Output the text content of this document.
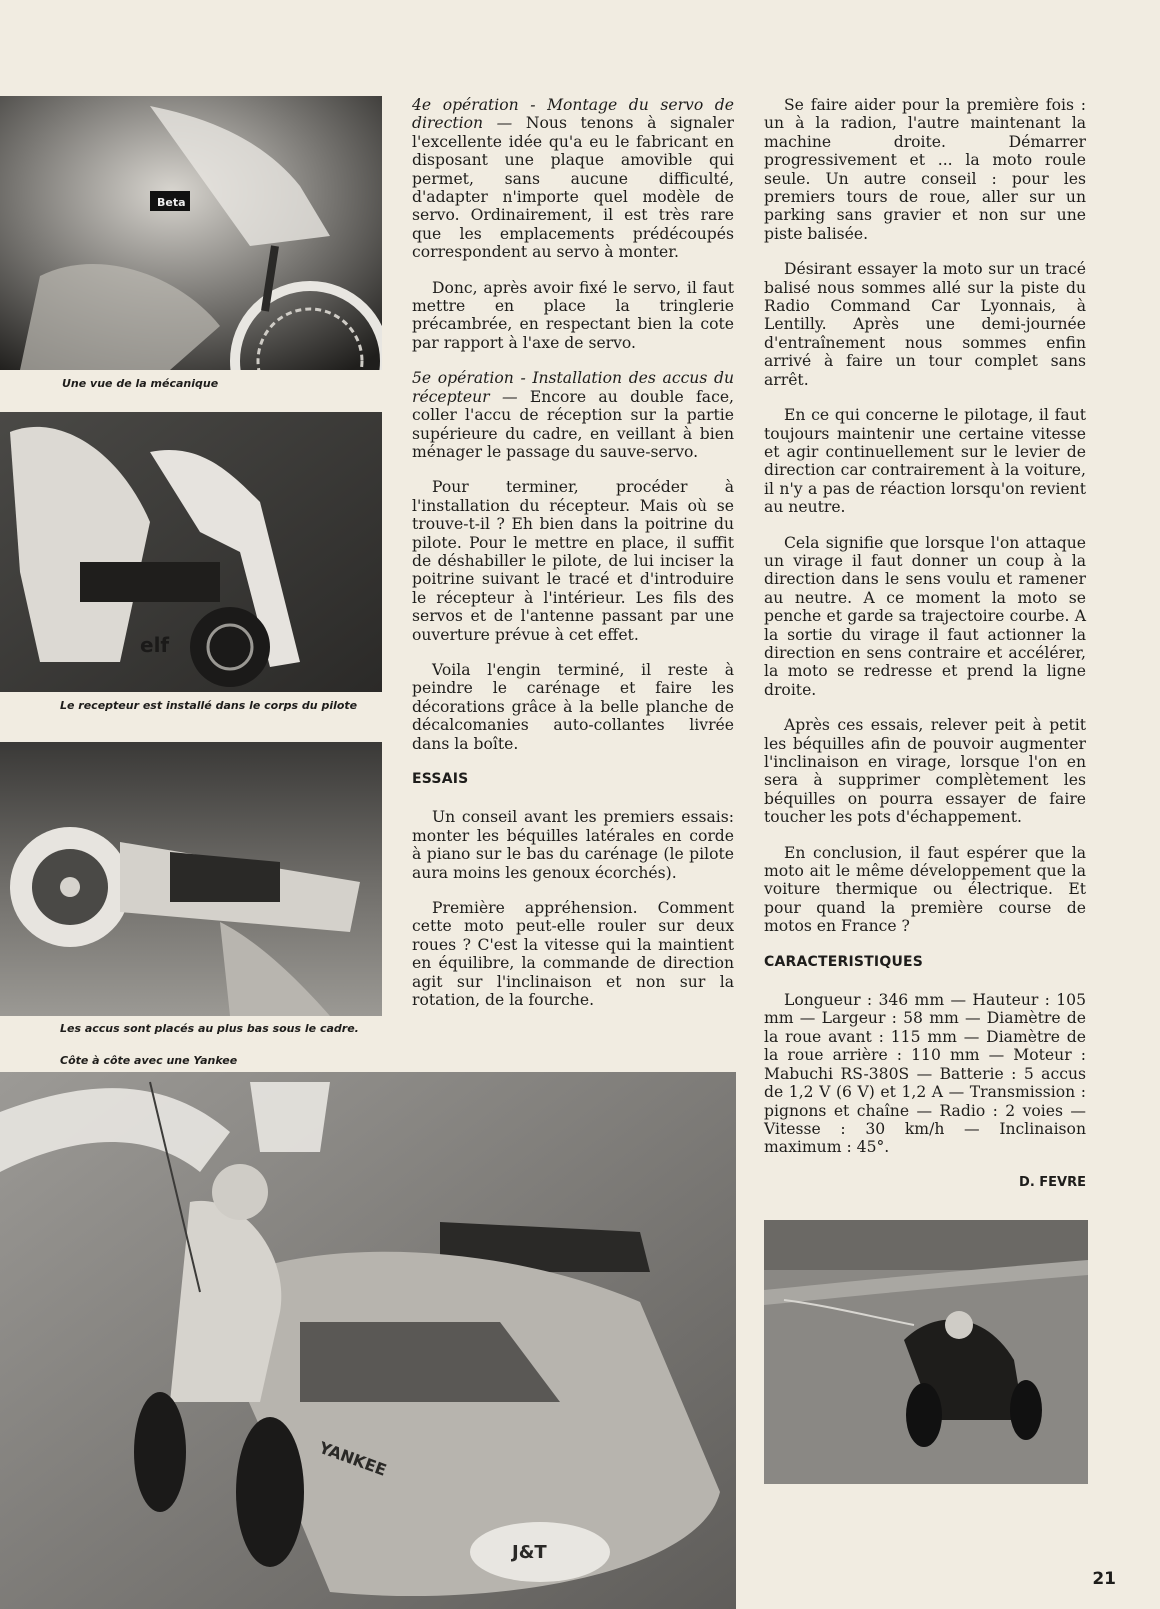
Beta
Une vue de la mécanique
elf
Le recepteur est installé dans le corps du pilote
Les accus sont placés au plus bas sous le cadre.
Côte à côte avec une Yankee
J&T
YANKEE

4e opération - Montage du servo de direction — Nous tenons à signaler l'excellente idée qu'a eu le fabricant en disposant une plaque amovible qui permet, sans aucune difficulté, d'adapter n'importe quel modèle de servo. Ordinairement, il est très rare que les emplacements prédécoupés correspondent au servo à monter.

Donc, après avoir fixé le servo, il faut mettre en place la tringlerie précambrée, en respectant bien la cote par rapport à l'axe de servo.

5e opération - Installation des accus du récepteur — Encore au double face, coller l'accu de réception sur la partie supérieure du cadre, en veillant à bien ménager le passage du sauve-servo.

Pour terminer, procéder à l'installation du récepteur. Mais où se trouve-t-il ? Eh bien dans la poitrine du pilote. Pour le mettre en place, il suffit de déshabiller le pilote, de lui inciser la poitrine suivant le tracé et d'introduire le récepteur à l'intérieur. Les fils des servos et de l'antenne passant par une ouverture prévue à cet effet.

Voila l'engin terminé, il reste à peindre le carénage et faire les décorations grâce à la belle planche de décalcomanies auto-collantes livrée dans la boîte.

ESSAIS

Un conseil avant les premiers essais: monter les béquilles latérales en corde à piano sur le bas du carénage (le pilote aura moins les genoux écorchés).

Première appréhension. Comment cette moto peut-elle rouler sur deux roues ? C'est la vitesse qui la maintient en équilibre, la commande de direction agit sur l'inclinaison et non sur la rotation, de la fourche.

Se faire aider pour la première fois : un à la radion, l'autre maintenant la machine droite. Démarrer progressivement et ... la moto roule seule. Un autre conseil : pour les premiers tours de roue, aller sur un parking sans gravier et non sur une piste balisée.

Désirant essayer la moto sur un tracé balisé nous sommes allé sur la piste du Radio Command Car Lyonnais, à Lentilly. Après une demi-journée d'entraînement nous sommes enfin arrivé à faire un tour complet sans arrêt.

En ce qui concerne le pilotage, il faut toujours maintenir une certaine vitesse et agir continuellement sur le levier de direction car contrairement à la voiture, il n'y a pas de réaction lorsqu'on revient au neutre.

Cela signifie que lorsque l'on attaque un virage il faut donner un coup à la direction dans le sens voulu et ramener au neutre. A ce moment la moto se penche et garde sa trajectoire courbe. A la sortie du virage il faut actionner la direction en sens contraire et accélérer, la moto se redresse et prend la ligne droite.

Après ces essais, relever peit à petit les béquilles afin de pouvoir augmenter l'inclinaison en virage, lorsque l'on en sera à supprimer complètement les béquilles on pourra essayer de faire toucher les pots d'échappement.

En conclusion, il faut espérer que la moto ait le même développement que la voiture thermique ou électrique. Et pour quand la première course de motos en France ?

CARACTERISTIQUES

Longueur : 346 mm — Hauteur : 105 mm — Largeur : 58 mm — Diamètre de la roue avant : 115 mm — Diamètre de la roue arrière : 110 mm — Moteur : Mabuchi RS-380S — Batterie : 5 accus de 1,2 V (6 V) et 1,2 A — Transmission : pignons et chaîne — Radio : 2 voies — Vitesse : 30 km/h — Inclinaison maximum : 45°.

D. FEVRE
21
